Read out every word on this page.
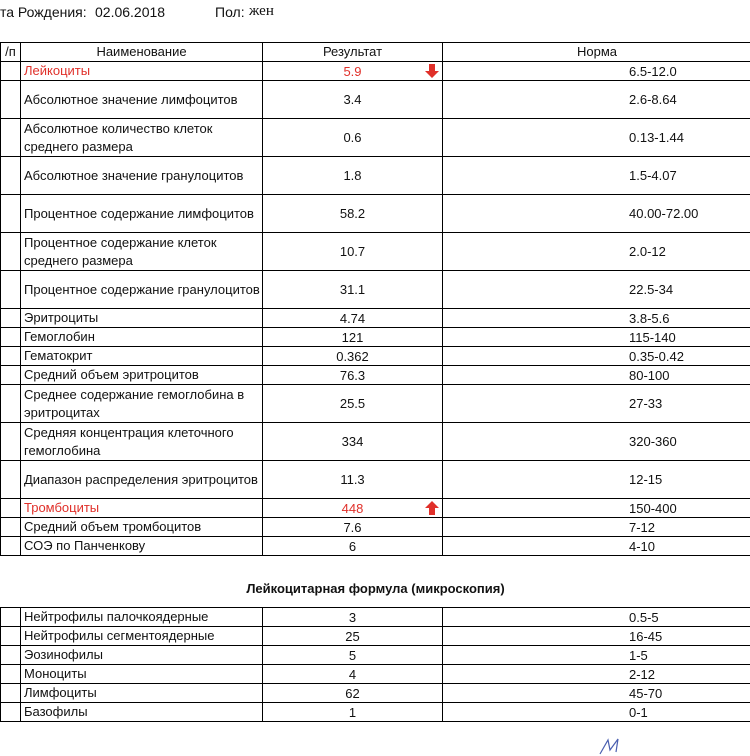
та Рождения: 02.06.2018	Пол: жен
/п	Наименование	Результат	Норма
	Лейкоциты	5.9	6.5-12.0
	Абсолютное значение лимфоцитов	3.4	2.6-8.64
	Абсолютное количество клеток среднего размера	0.6	0.13-1.44
	Абсолютное значение гранулоцитов	1.8	1.5-4.07
	Процентное содержание лимфоцитов	58.2	40.00-72.00
	Процентное содержание клеток среднего размера	10.7	2.0-12
	Процентное содержание гранулоцитов	31.1	22.5-34
	Эритроциты	4.74	3.8-5.6
	Гемоглобин	121	115-140
	Гематокрит	0.362	0.35-0.42
	Средний объем эритроцитов	76.3	80-100
	Среднее содержание гемоглобина в эритроцитах	25.5	27-33
	Средняя концентрация клеточного гемоглобина	334	320-360
	Диапазон распределения эритроцитов	11.3	12-15
	Тромбоциты	448	150-400
	Средний объем тромбоцитов	7.6	7-12
	СОЭ по Панченкову	6	4-10
Лейкоцитарная формула (микроскопия)
	Нейтрофилы палочкоядерные	3	0.5-5
	Нейтрофилы сегментоядерные	25	16-45
	Эозинофилы	5	1-5
	Моноциты	4	2-12
	Лимфоциты	62	45-70
	Базофилы	1	0-1
